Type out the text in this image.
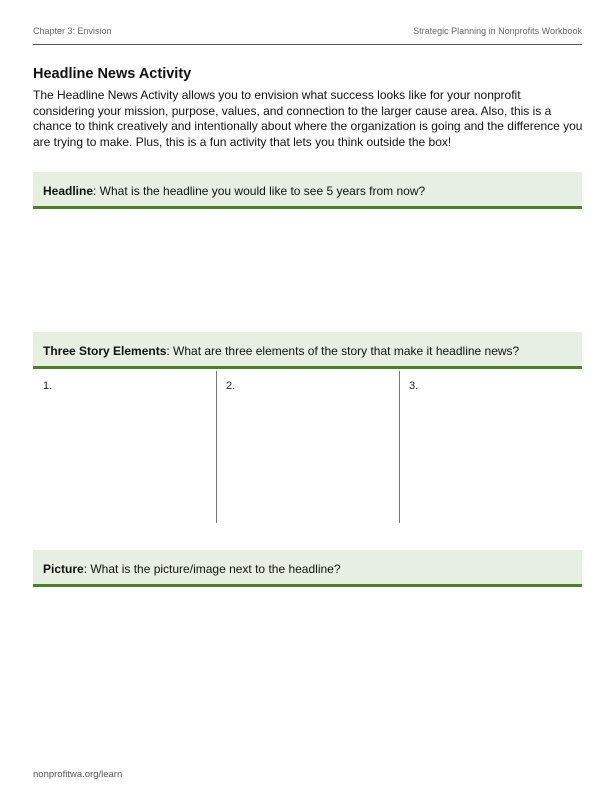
Chapter 3: Envision	Strategic Planning in Nonprofits Workbook
Headline News Activity

The Headline News Activity allows you to envision what success looks like for your nonprofit considering your mission, purpose, values, and connection to the larger cause area. Also, this is a chance to think creatively and intentionally about where the organization is going and the difference you are trying to make. Plus, this is a fun activity that lets you think outside the box!

Headline: What is the headline you would like to see 5 years from now?
Three Story Elements: What are three elements of the story that make it headline news?
1.	2.	3.
Picture: What is the picture/image next to the headline?
nonprofitwa.org/learn
